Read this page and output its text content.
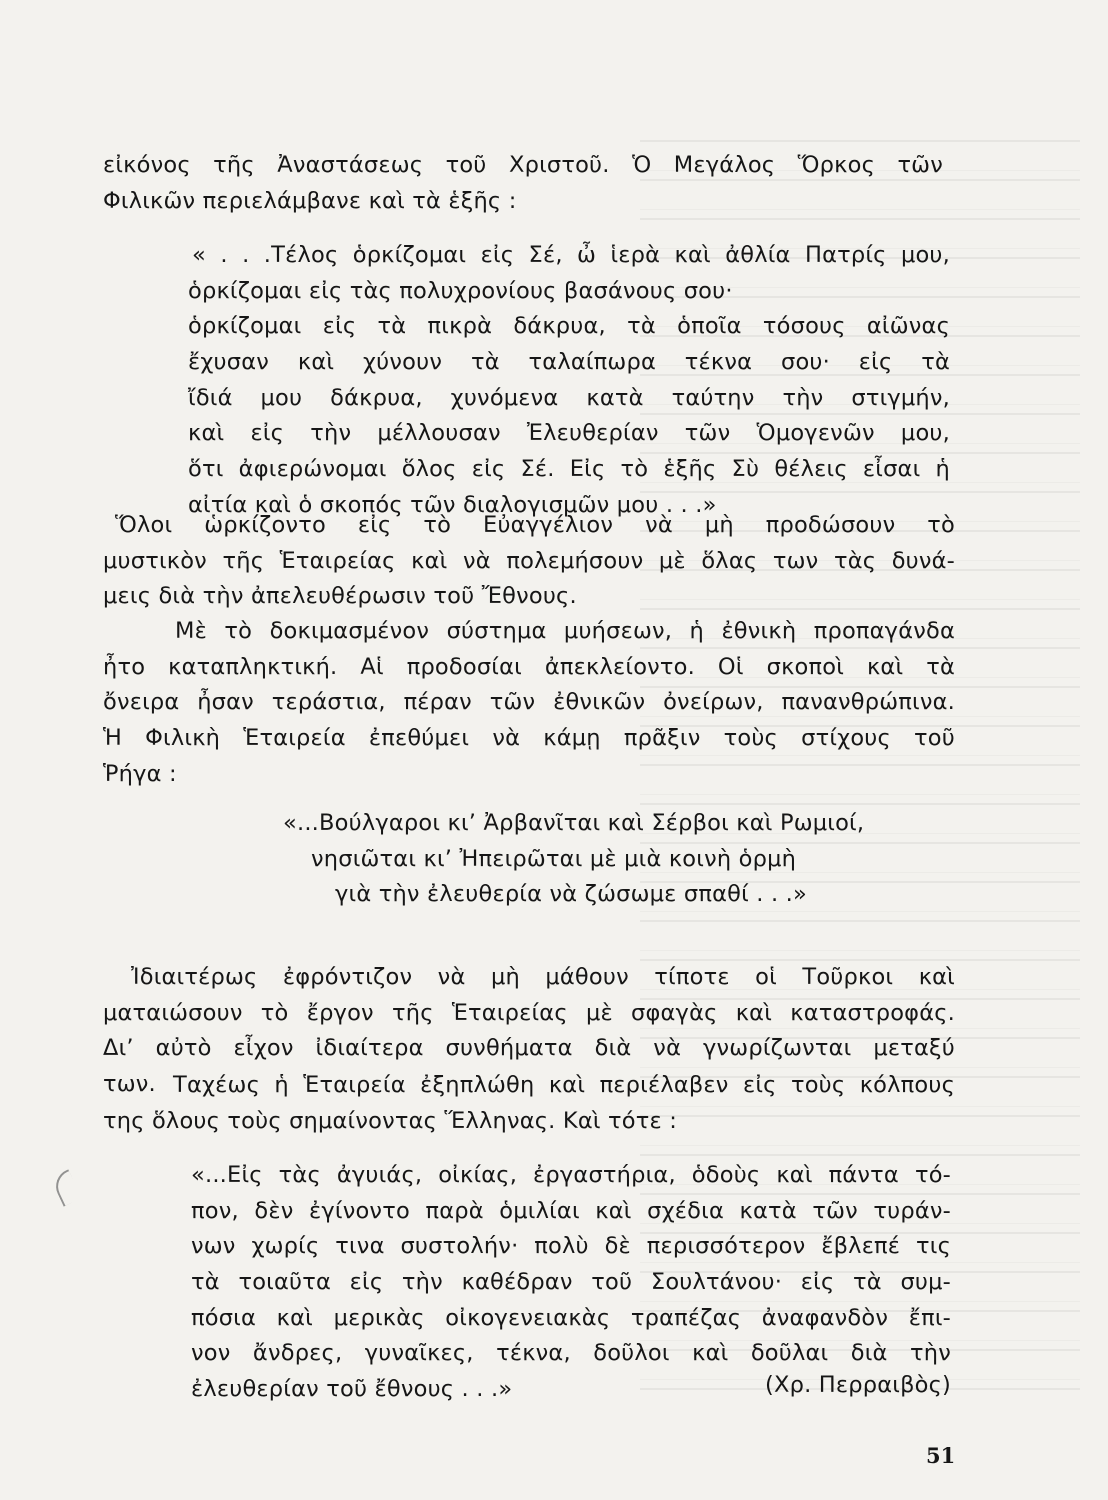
εἰκόνος τῆς Ἀναστάσεως τοῦ Χριστοῦ. Ὁ Μεγάλος Ὅρκος τῶν
Φιλικῶν περιελάμβανε καὶ τὰ ἑξῆς :
« . . .Τέλος ὁρκίζομαι εἰς Σέ, ὦ ἱερὰ καὶ ἀθλία Πατρίς μου,
ὁρκίζομαι εἰς τὰς πολυχρονίους βασάνους σου·
ὁρκίζομαι εἰς τὰ πικρὰ δάκρυα, τὰ ὁποῖα τόσους αἰῶνας
ἔχυσαν καὶ χύνουν τὰ ταλαίπωρα τέκνα σου· εἰς τὰ
ἴδιά μου δάκρυα, χυνόμενα κατὰ ταύτην τὴν στιγμήν,
καὶ εἰς τὴν μέλλουσαν Ἐλευθερίαν τῶν Ὁμογενῶν μου,
ὅτι ἀφιερώνομαι ὅλος εἰς Σέ. Εἰς τὸ ἑξῆς Σὺ θέλεις εἶσαι ἡ
αἰτία καὶ ὁ σκοπός τῶν διαλογισμῶν μου . . .»
Ὅλοι ὡρκίζοντο εἰς τὸ Εὐαγγέλιον νὰ μὴ προδώσουν τὸ
μυστικὸν τῆς Ἑταιρείας καὶ νὰ πολεμήσουν μὲ ὅλας των τὰς δυνά-
μεις διὰ τὴν ἀπελευθέρωσιν τοῦ Ἔθνους.
Μὲ τὸ δοκιμασμένον σύστημα μυήσεων, ἡ ἐθνικὴ προπαγάνδα
ἦτο καταπληκτική. Αἱ προδοσίαι ἀπεκλείοντο. Οἱ σκοποὶ καὶ τὰ
ὄνειρα ἦσαν τεράστια, πέραν τῶν ἐθνικῶν ὀνείρων, πανανθρώπινα.
Ἡ Φιλικὴ Ἑταιρεία ἐπεθύμει νὰ κάμῃ πρᾶξιν τοὺς στίχους τοῦ
Ῥήγα :
«...Βούλγαροι κι’ Ἀρβανῖται καὶ Σέρβοι καὶ Ρωμιοί,
νησιῶται κι’ Ἠπειρῶται μὲ μιὰ κοινὴ ὁρμὴ
γιὰ τὴν ἐλευθερία νὰ ζώσωμε σπαθί . . .»
Ἰδιαιτέρως ἐφρόντιζον νὰ μὴ μάθουν τίποτε οἱ Τοῦρκοι καὶ
ματαιώσουν τὸ ἔργον τῆς Ἑταιρείας μὲ σφαγὰς καὶ καταστροφάς.
Δι’ αὐτὸ εἶχον ἰδιαίτερα συνθήματα διὰ νὰ γνωρίζωνται μεταξύ
των. Ταχέως ἡ Ἑταιρεία ἐξηπλώθη καὶ περιέλαβεν εἰς τοὺς κόλπους
της ὅλους τοὺς σημαίνοντας Ἕλληνας. Καὶ τότε :
«...Εἰς τὰς ἀγυιάς, οἰκίας, ἐργαστήρια, ὁδοὺς καὶ πάντα τό-
πον, δὲν ἐγίνοντο παρὰ ὁμιλίαι καὶ σχέδια κατὰ τῶν τυράν-
νων χωρίς τινα συστολήν· πολὺ δὲ περισσότερον ἔβλεπέ τις
τὰ τοιαῦτα εἰς τὴν καθέδραν τοῦ Σουλτάνου· εἰς τὰ συμ-
πόσια καὶ μερικὰς οἰκογενειακὰς τραπέζας ἀναφανδὸν ἔπι-
νον ἄνδρες, γυναῖκες, τέκνα, δοῦλοι καὶ δοῦλαι διὰ τὴν
ἐλευθερίαν τοῦ ἔθνους . . .»	(Χρ. Περραιβὸς)
51
